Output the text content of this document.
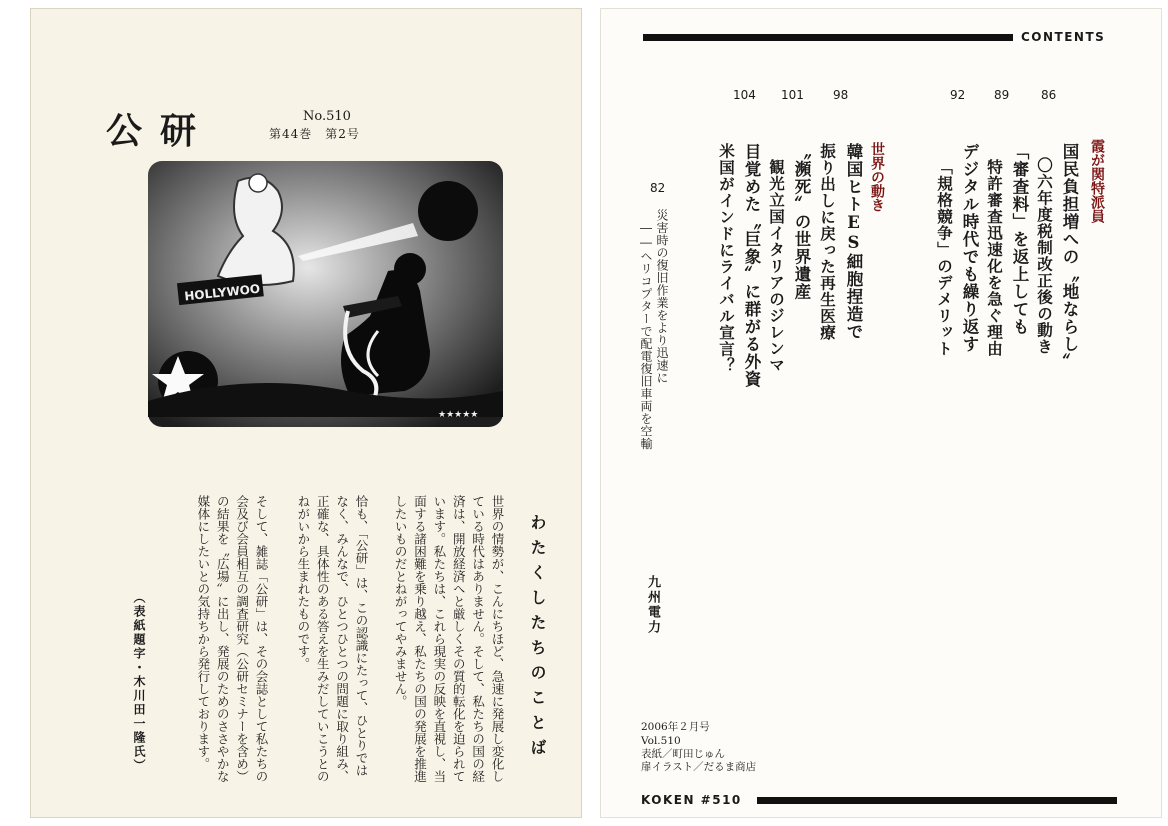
公研	No.510
第44巻　第2号
HOLLYWOO
★★★★★
わたくしたちのことば
世界の情勢が、こんにちほど、急速に発展し変化している時代はありません。そして、私たちの国の経済は、開放経済へと厳しくその質的転化を迫られています。私たちは、これら現実の反映を直視し、当面する諸困難を乗り越え、私たちの国の発展を推進したいものだとねがってやみません。
恰も、「公研」は、この認識にたって、ひとりではなく、みんなで、ひとつひとつの問題に取り組み、正確な、具体性のある答えを生みだしていこうとのねがいから生まれたものです。
そして、雑誌「公研」は、その会誌として私たちの会及び会員相互の調査研究（公研セミナーを含め）の結果を〝広場〟に出し、発展のためのささやかな媒体にしたいとの気持ちから発行しております。
（表紙題字・木川田一隆氏）
CONTENTS
86
89
92
98
101
104
82	霞が関特派員
国民負担増への〝地ならし〟
〇六年度税制改正後の動き
「審査料」を返上しても
特許審査迅速化を急ぐ理由
デジタル時代でも繰り返す
「規格競争」のデメリット
世界の動き
韓国ヒトES細胞捏造で
振り出しに戻った再生医療
〝瀕死〟の世界遺産
観光立国イタリアのジレンマ
目覚めた〝巨象〟に群がる外資
米国がインドにライバル宣言？
災害時の復旧作業をより迅速に
――ヘリコプターで配電復旧車両を空輸
九州電力
2006年２月号
Vol.510
表紙／町田じゅん
扉イラスト／だるま商店
KOKEN #510
